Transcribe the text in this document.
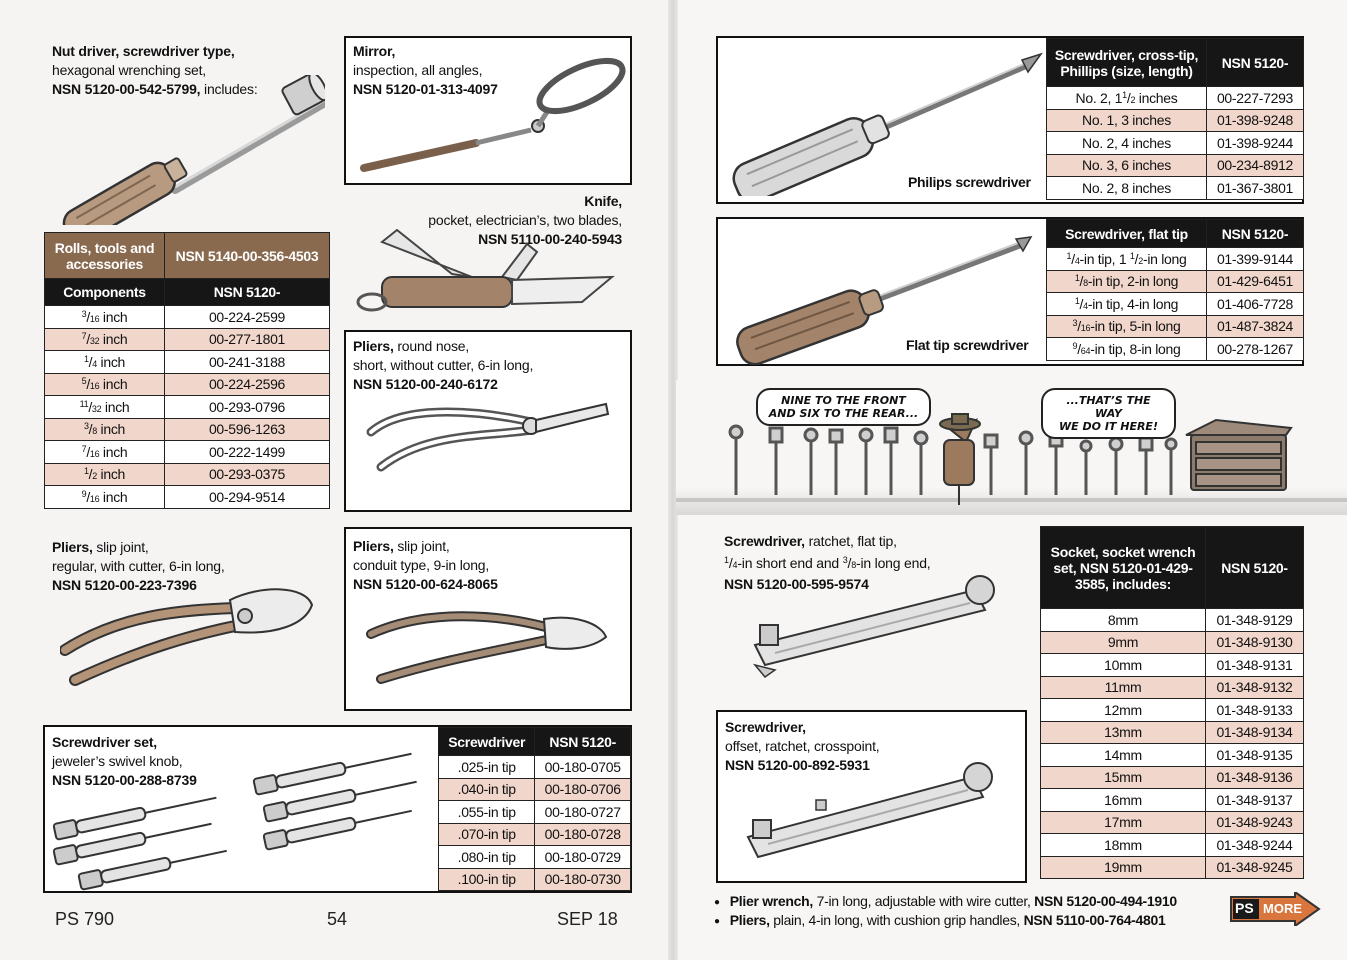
Nut driver, screwdriver type,
hexagonal wrenching set,
NSN 5120-00-542-5799, includes:
Rolls, tools and accessories	NSN 5140-00-356-4503
Components	NSN 5120-
$^3$/16 inch	00-224-2599
$^7$/32 inch	00-277-1801
$^1$/4 inch	00-241-3188
$^5$/16 inch	00-224-2596
$^{11}$/32 inch	00-293-0796
$^3$/8 inch	00-596-1263
$^7$/16 inch	00-222-1499
$^1$/2 inch	00-293-0375
$^9$/16 inch	00-294-9514
Mirror,
inspection, all angles,
NSN 5120-01-313-4097
Knife,
pocket, electrician’s, two blades,
NSN 5110-00-240-5943
Pliers, round nose,
short, without cutter, 6-in long,
NSN 5120-00-240-6172
Pliers, slip joint,
regular, with cutter, 6-in long,
NSN 5120-00-223-7396
Pliers, slip joint,
conduit type, 9-in long,
NSN 5120-00-624-8065
Screwdriver set,
jeweler’s swivel knob,
NSN 5120-00-288-8739
Screwdriver	NSN 5120-
.025-in tip	00-180-0705
.040-in tip	00-180-0706
.055-in tip	00-180-0727
.070-in tip	00-180-0728
.080-in tip	00-180-0729
.100-in tip	00-180-0730
PS 790	54	SEP 18
Philips screwdriver
Screwdriver, cross-tip, Phillips (size, length)	NSN 5120-
No. 2, $1^1/2$ inches	00-227-7293
No. 1, 3 inches	01-398-9248
No. 2, 4 inches	01-398-9244
No. 3, 6 inches	00-234-8912
No. 2, 8 inches	01-367-3801
Flat tip screwdriver
Screwdriver, flat tip	NSN 5120-
$^1$/4-in tip, 1 $^1$/2-in long	01-399-9144
$^1$/8-in tip, 2-in long	01-429-6451
$^1$/4-in tip, 4-in long	01-406-7728
$^3$/16-in tip, 5-in long	01-487-3824
$^9$/64-in tip, 8-in long	00-278-1267
NINE TO THE FRONT
AND SIX TO THE REAR...
...THAT’S THE WAY
WE DO IT HERE!
Screwdriver, ratchet, flat tip,
$^1$/4-in short end and $^3$/8-in long end,
NSN 5120-00-595-9574
Screwdriver,
offset, ratchet, crosspoint,
NSN 5120-00-892-5931
Socket, socket wrench set, NSN 5120-01-429-3585, includes:	NSN 5120-
8mm	01-348-9129
9mm	01-348-9130
10mm	01-348-9131
11mm	01-348-9132
12mm	01-348-9133
13mm	01-348-9134
14mm	01-348-9135
15mm	01-348-9136
16mm	01-348-9137
17mm	01-348-9243
18mm	01-348-9244
19mm	01-348-9245
● Plier wrench, 7-in long, adjustable with wire cutter, NSN 5120-00-494-1910
● Pliers, plain, 4-in long, with cushion grip handles, NSN 5110-00-764-4801
PS MORE
